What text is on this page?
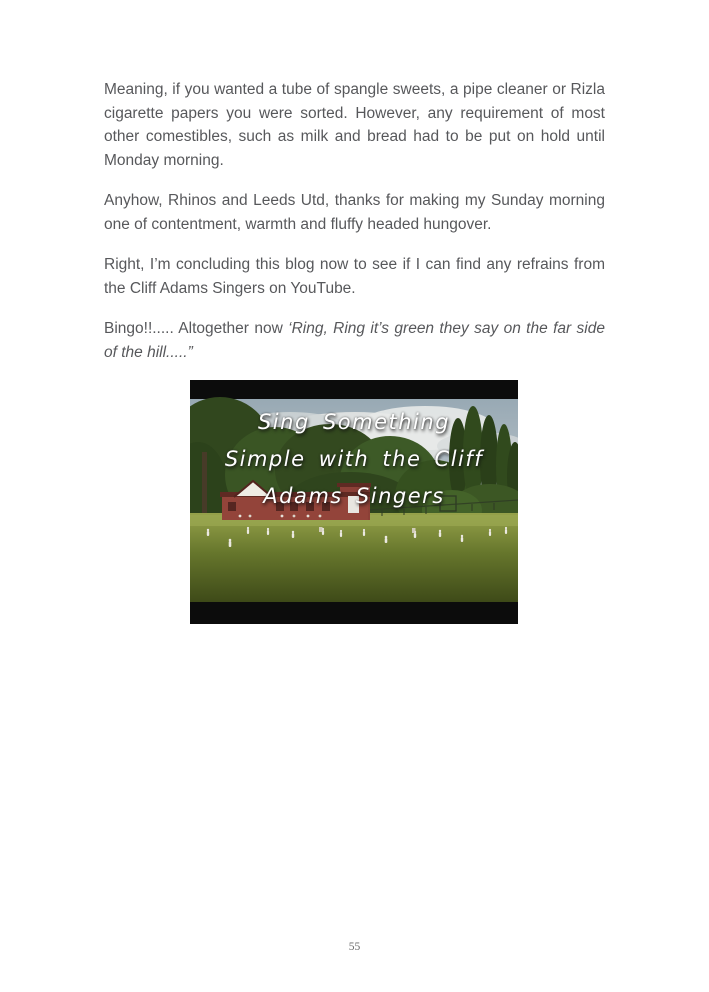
Meaning, if you wanted a tube of spangle sweets, a pipe cleaner or Rizla cigarette papers you were sorted. However, any requirement of most other comestibles, such as milk and bread had to be put on hold until Monday morning.

Anyhow, Rhinos and Leeds Utd, thanks for making my Sunday morning one of contentment, warmth and fluffy headed hungover.

Right, I’m concluding this blog now to see if I can find any refrains from the Cliff Adams Singers on YouTube.

Bingo!!..... Altogether now ‘Ring, Ring it’s green they say on the far side of the hill.....”

Sing Something
Simple with the Cliff
Adams Singers
55
